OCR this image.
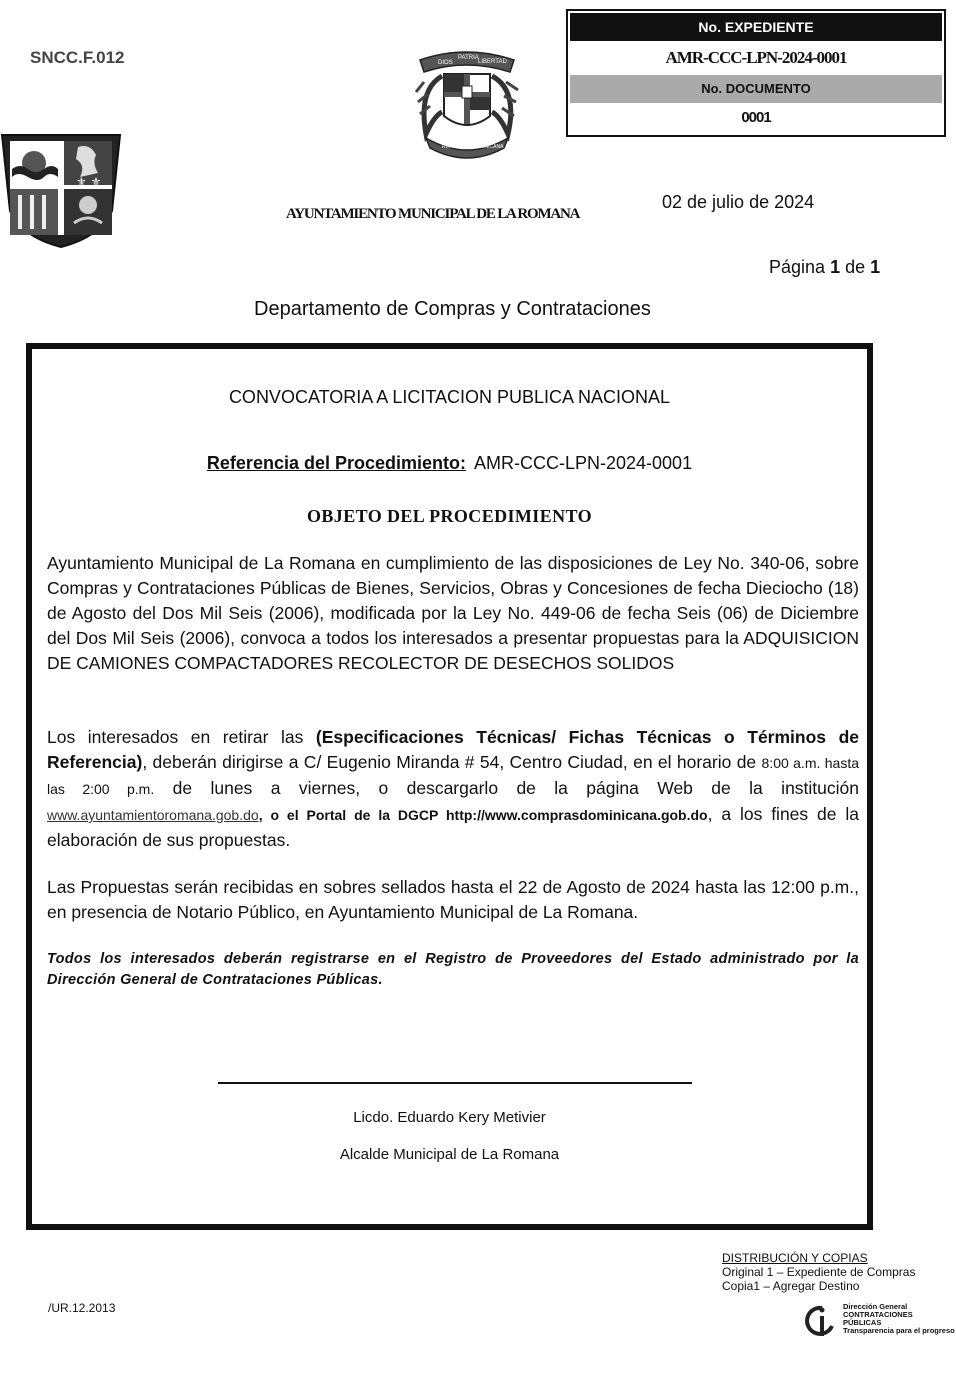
SNCC.F.012
⚜ ⚜
DIOS
PATRIA
LIBERTAD
REPÚBLICA DOMINICANA
No. EXPEDIENTE
AMR-CCC-LPN-2024-0001
No. DOCUMENTO
0001
AYUNTAMIENTO MUNICIPAL DE LA ROMANA
02 de julio de 2024
Página 1 de 1
Departamento de Compras y Contrataciones
CONVOCATORIA A LICITACION PUBLICA NACIONAL
Referencia del Procedimiento: AMR-CCC-LPN-2024-0001
OBJETO DEL PROCEDIMIENTO
Ayuntamiento Municipal de La Romana en cumplimiento de las disposiciones de Ley No. 340-06, sobre Compras y Contrataciones Públicas de Bienes, Servicios, Obras y Concesiones de fecha Dieciocho (18) de Agosto del Dos Mil Seis (2006), modificada por la Ley No. 449-06 de fecha Seis (06) de Diciembre del Dos Mil Seis (2006), convoca a todos los interesados a presentar propuestas para la ADQUISICION DE CAMIONES COMPACTADORES RECOLECTOR DE DESECHOS SOLIDOS
Los interesados en retirar las (Especificaciones Técnicas/ Fichas Técnicas o Términos de Referencia), deberán dirigirse a C/ Eugenio Miranda # 54, Centro Ciudad, en el horario de 8:00 a.m. hasta las 2:00 p.m. de lunes a viernes, o descargarlo de la página Web de la institución www.ayuntamientoromana.gob.do, o el Portal de la DGCP http://www.comprasdominicana.gob.do, a los fines de la elaboración de sus propuestas.
Las Propuestas serán recibidas en sobres sellados hasta el 22 de Agosto de 2024 hasta las 12:00 p.m., en presencia de Notario Público, en Ayuntamiento Municipal de La Romana.
Todos los interesados deberán registrarse en el Registro de Proveedores del Estado administrado por la Dirección General de Contrataciones Públicas.
Licdo. Eduardo Kery Metivier
Alcalde Municipal de La Romana
DISTRIBUCIÓN Y COPIAS
Original 1 – Expediente de Compras
Copia1 – Agregar Destino
/UR.12.2013	Dirección General
CONTRATACIONES
PÚBLICAS
Transparencia para el progreso
